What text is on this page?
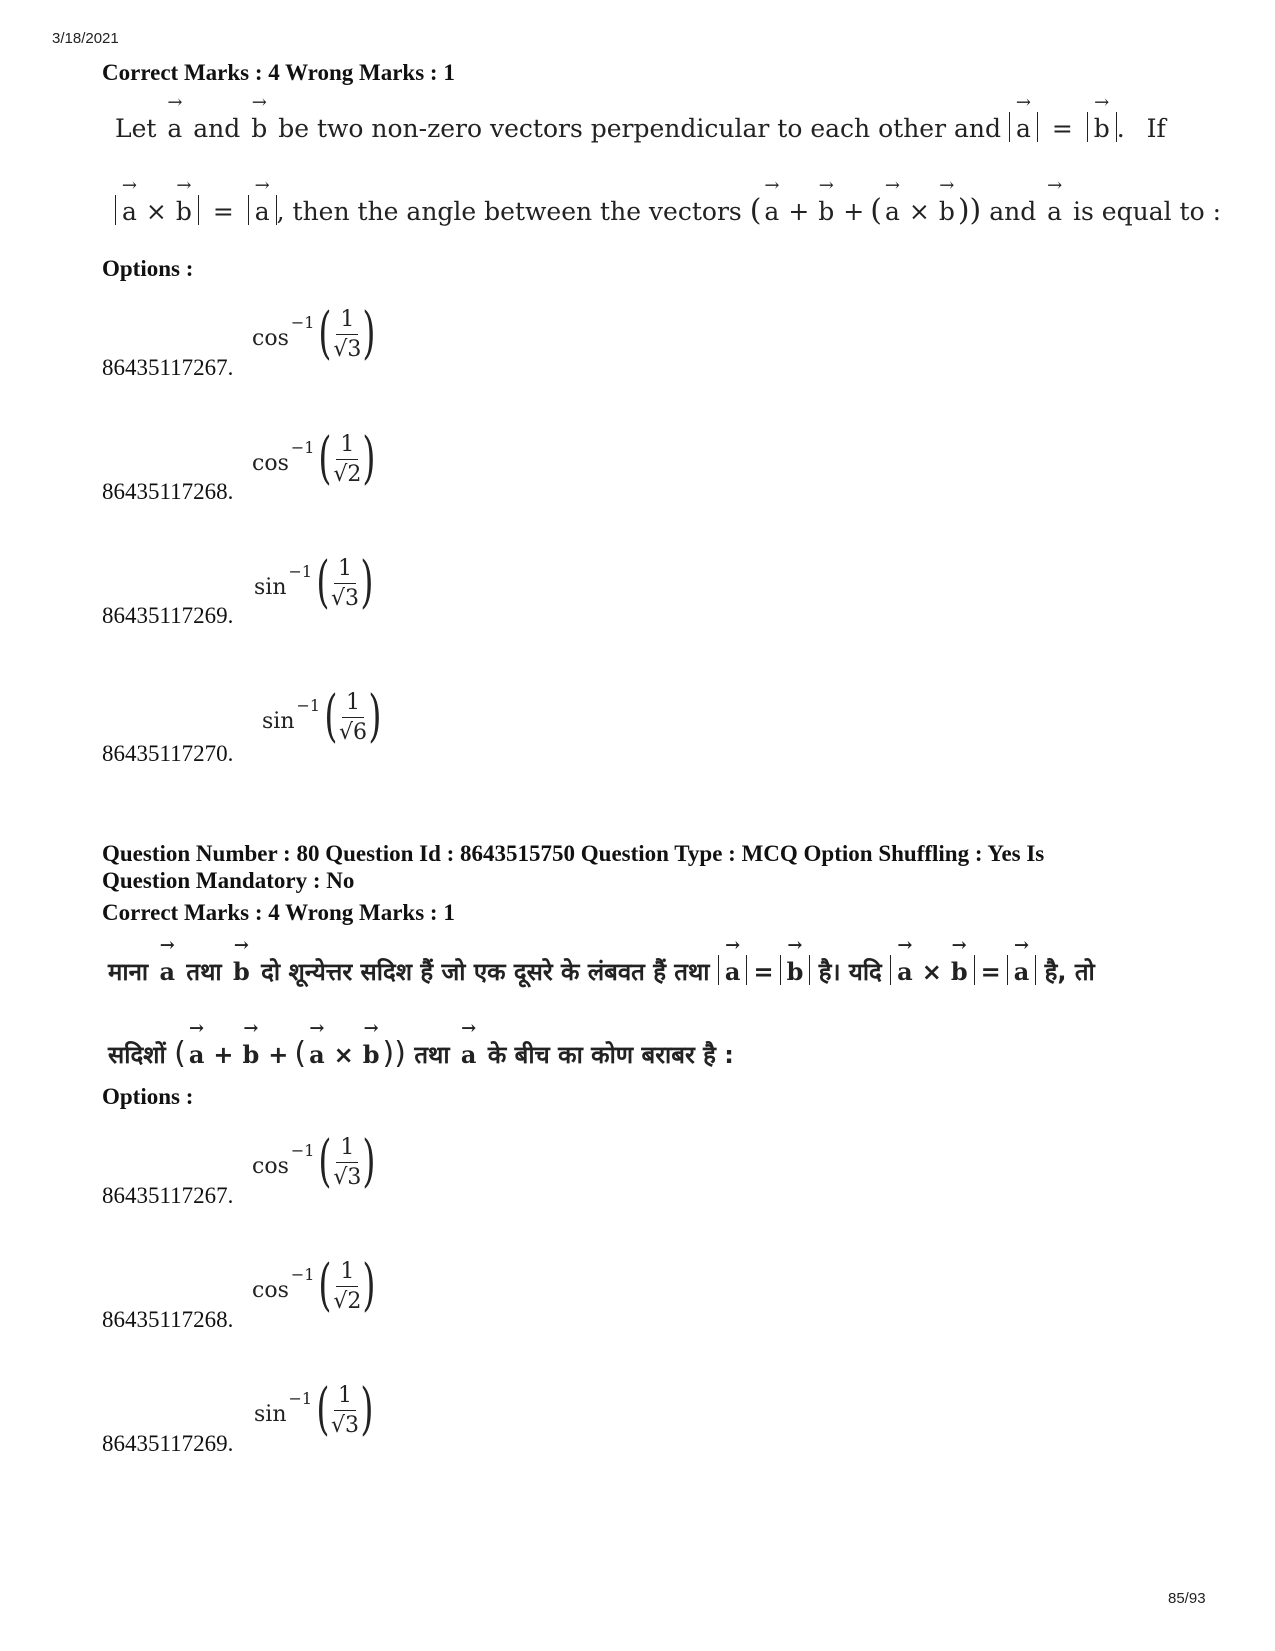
3/18/2021
Correct Marks : 4 Wrong Marks : 1
Let → a and → b be two non-zero vectors perpendicular to each other and → a = → b . If
→ a × → b = → a , then the angle between the vectors ( → a + → b + ( → a × → b )) and → a is equal to :
Options :
86435117267.
cos
−1 ( $\frac{1}{√3}$ )
86435117268.
cos
−1 ( $\frac{1}{√2}$ )
86435117269.
sin
−1 ( $\frac{1}{√3}$ )
86435117270.
sin
−1 ( $\frac{1}{√6}$ )
Question Number : 80 Question Id : 8643515750 Question Type : MCQ Option Shuffling : Yes Is
Question Mandatory : No
Correct Marks : 4 Wrong Marks : 1
माना → a तथा → b दो शून्येत्तर सदिश हैं जो एक दूसरे के लंबवत हैं तथा → a = → b है। यदि → a × → b = → a है, तो
सदिशों ( → a + → b + ( → a × → b )) तथा → a के बीच का कोण बराबर है :
Options :
86435117267.
cos
−1 ( $\frac{1}{√3}$ )
86435117268.
cos
−1 ( $\frac{1}{√2}$ )
86435117269.
sin
−1 ( $\frac{1}{√3}$ )
85/93
